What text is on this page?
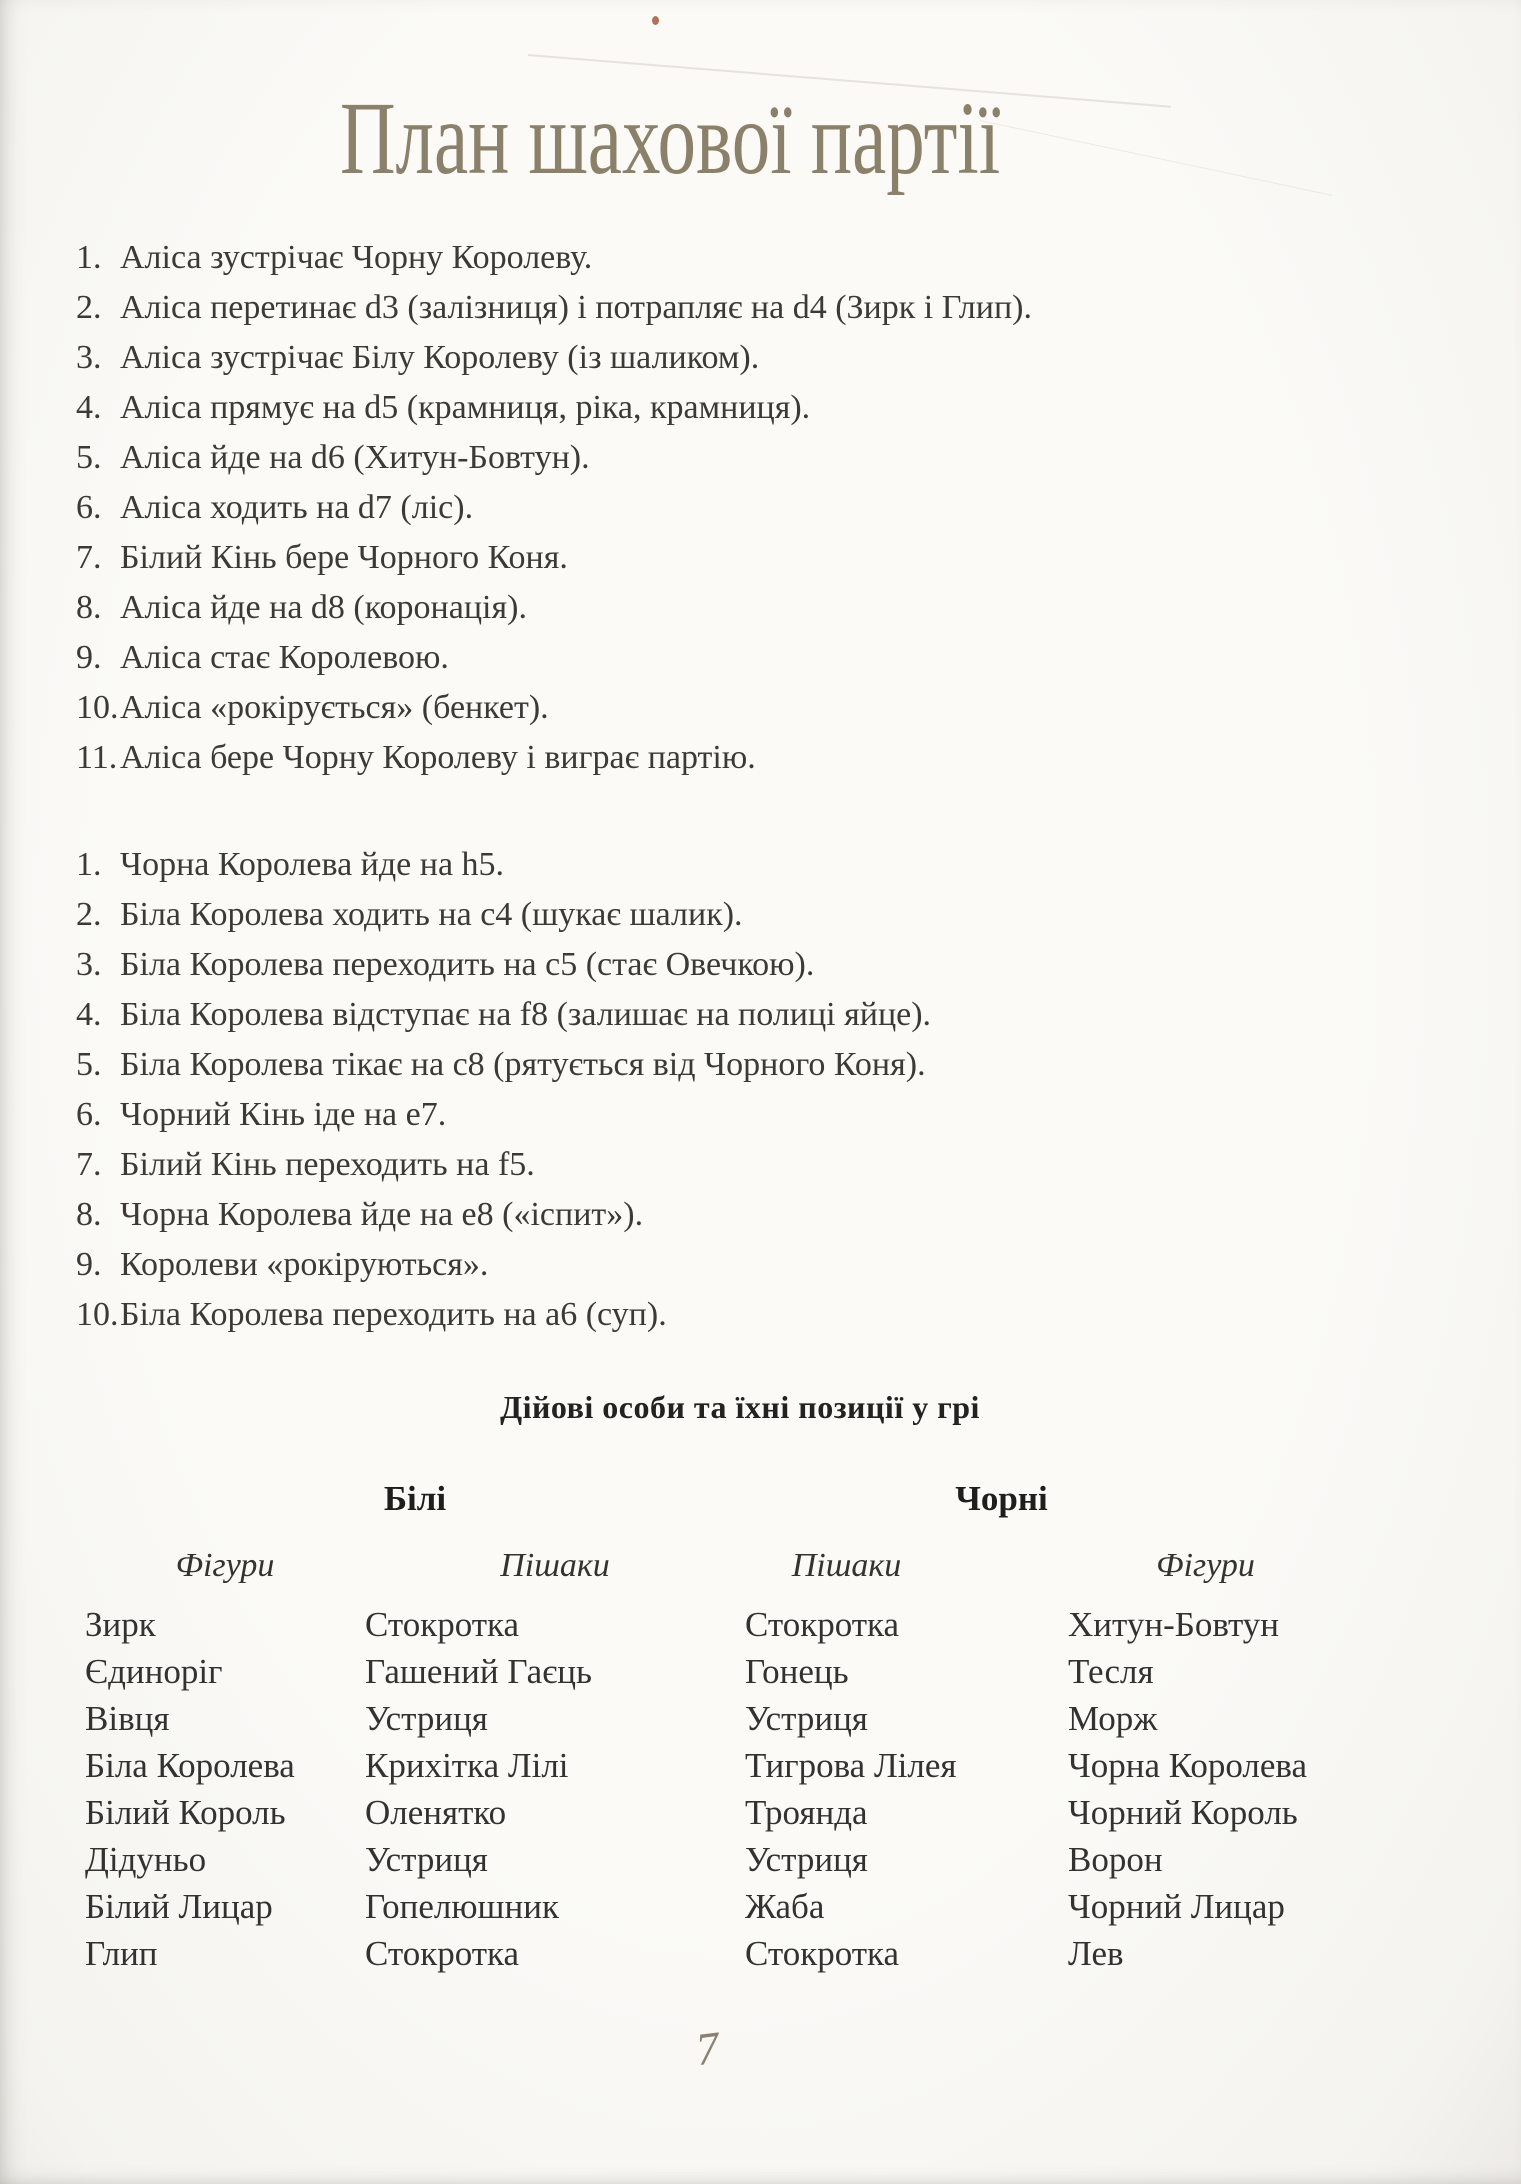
План шахової партії
1. Аліса зустрічає Чорну Королеву.
2. Аліса перетинає d3 (залізниця) і потрапляє на d4 (Зирк і Глип).
3. Аліса зустрічає Білу Королеву (із шаликом).
4. Аліса прямує на d5 (крамниця, ріка, крамниця).
5. Аліса йде на d6 (Хитун-Бовтун).
6. Аліса ходить на d7 (ліс).
7. Білий Кінь бере Чорного Коня.
8. Аліса йде на d8 (коронація).
9. Аліса стає Королевою.
10. Аліса «рокірується» (бенкет).
11. Аліса бере Чорну Королеву і виграє партію.
1. Чорна Королева йде на h5.
2. Біла Королева ходить на c4 (шукає шалик).
3. Біла Королева переходить на c5 (стає Овечкою).
4. Біла Королева відступає на f8 (залишає на полиці яйце).
5. Біла Королева тікає на c8 (рятується від Чорного Коня).
6. Чорний Кінь іде на e7.
7. Білий Кінь переходить на f5.
8. Чорна Королева йде на e8 («іспит»).
9. Королеви «рокіруються».
10. Біла Королева переходить на a6 (суп).
Дійові особи та їхні позиції у грі
Білі	Чорні
Фігури	Пішаки	Пішаки	Фігури
Зирк	Стокротка	Стокротка	Хитун-Бовтун
Єдиноріг	Гашений Гаєць	Гонець	Тесля
Вівця	Устриця	Устриця	Морж
Біла Королева	Крихітка Лілі	Тигрова Лілея	Чорна Королева
Білий Король	Оленятко	Троянда	Чорний Король
Дідуньо	Устриця	Устриця	Ворон
Білий Лицар	Гопелюшник	Жаба	Чорний Лицар
Глип	Стокротка	Стокротка	Лев
7
